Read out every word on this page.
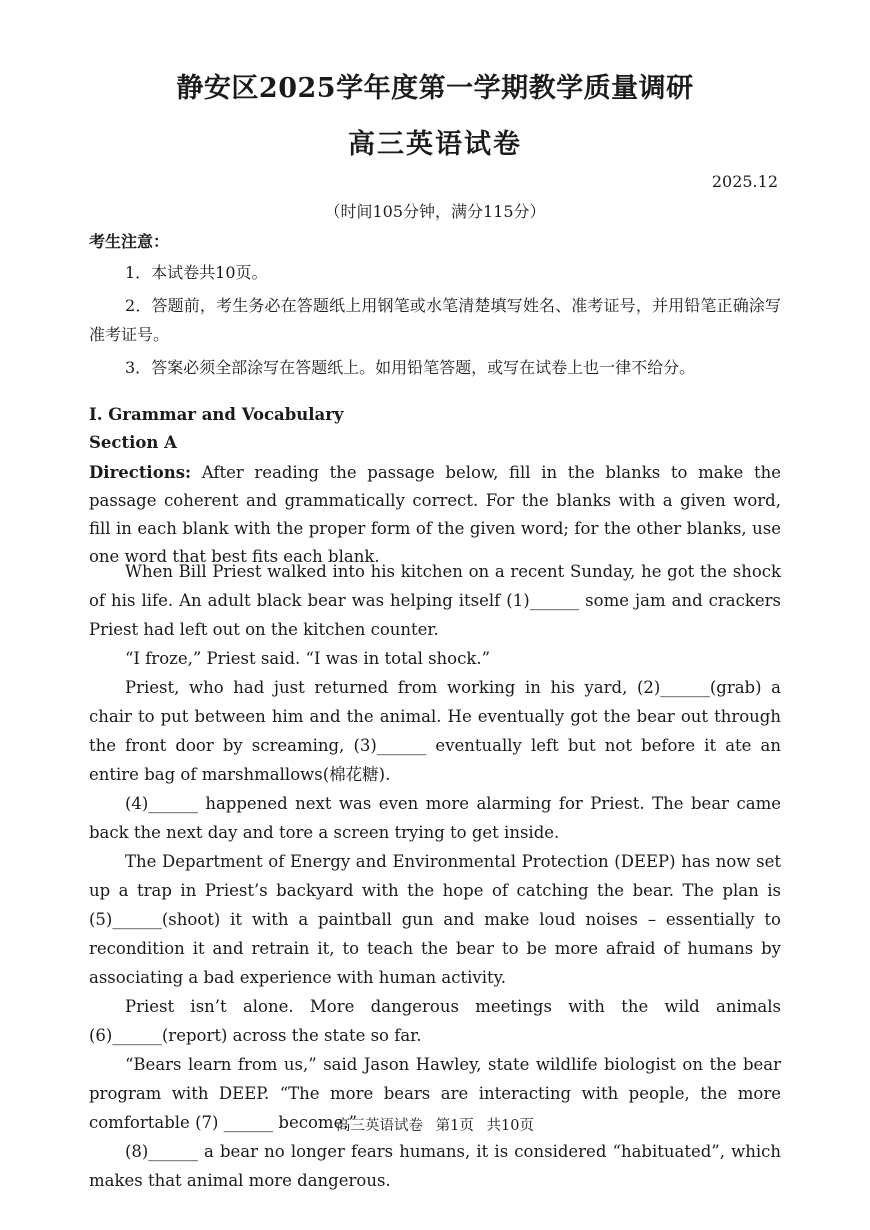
静安区2025学年度第一学期教学质量调研
高三英语试卷
2025.12
（时间105分钟，满分115分）
考生注意：
1．本试卷共10页。
2．答题前，考生务必在答题纸上用钢笔或水笔清楚填写姓名、准考证号，并用铅笔正确涂写准考证号。
3．答案必须全部涂写在答题纸上。如用铅笔答题，或写在试卷上也一律不给分。
I. Grammar and Vocabulary
Section A
Directions: After reading the passage below, fill in the blanks to make the passage coherent and grammatically correct. For the blanks with a given word, fill in each blank with the proper form of the given word; for the other blanks, use one word that best fits each blank.

When Bill Priest walked into his kitchen on a recent Sunday, he got the shock of his life. An adult black bear was helping itself (1)______ some jam and crackers Priest had left out on the kitchen counter.

“I froze,” Priest said. “I was in total shock.”

Priest, who had just returned from working in his yard, (2)______(grab) a chair to put between him and the animal. He eventually got the bear out through the front door by screaming, (3)______ eventually left but not before it ate an entire bag of marshmallows(棉花糖).

(4)______ happened next was even more alarming for Priest. The bear came back the next day and tore a screen trying to get inside.

The Department of Energy and Environmental Protection (DEEP) has now set up a trap in Priest’s backyard with the hope of catching the bear. The plan is (5)______(shoot) it with a paintball gun and make loud noises – essentially to recondition it and retrain it, to teach the bear to be more afraid of humans by associating a bad experience with human activity.

Priest isn’t alone. More dangerous meetings with the wild animals (6)______(report) across the state so far.

“Bears learn from us,” said Jason Hawley, state wildlife biologist on the bear program with DEEP. “The more bears are interacting with people, the more comfortable (7) ______ become.”

(8)______ a bear no longer fears humans, it is considered “habituated”, which makes that animal more dangerous.

高三英语试卷 第1页 共10页
